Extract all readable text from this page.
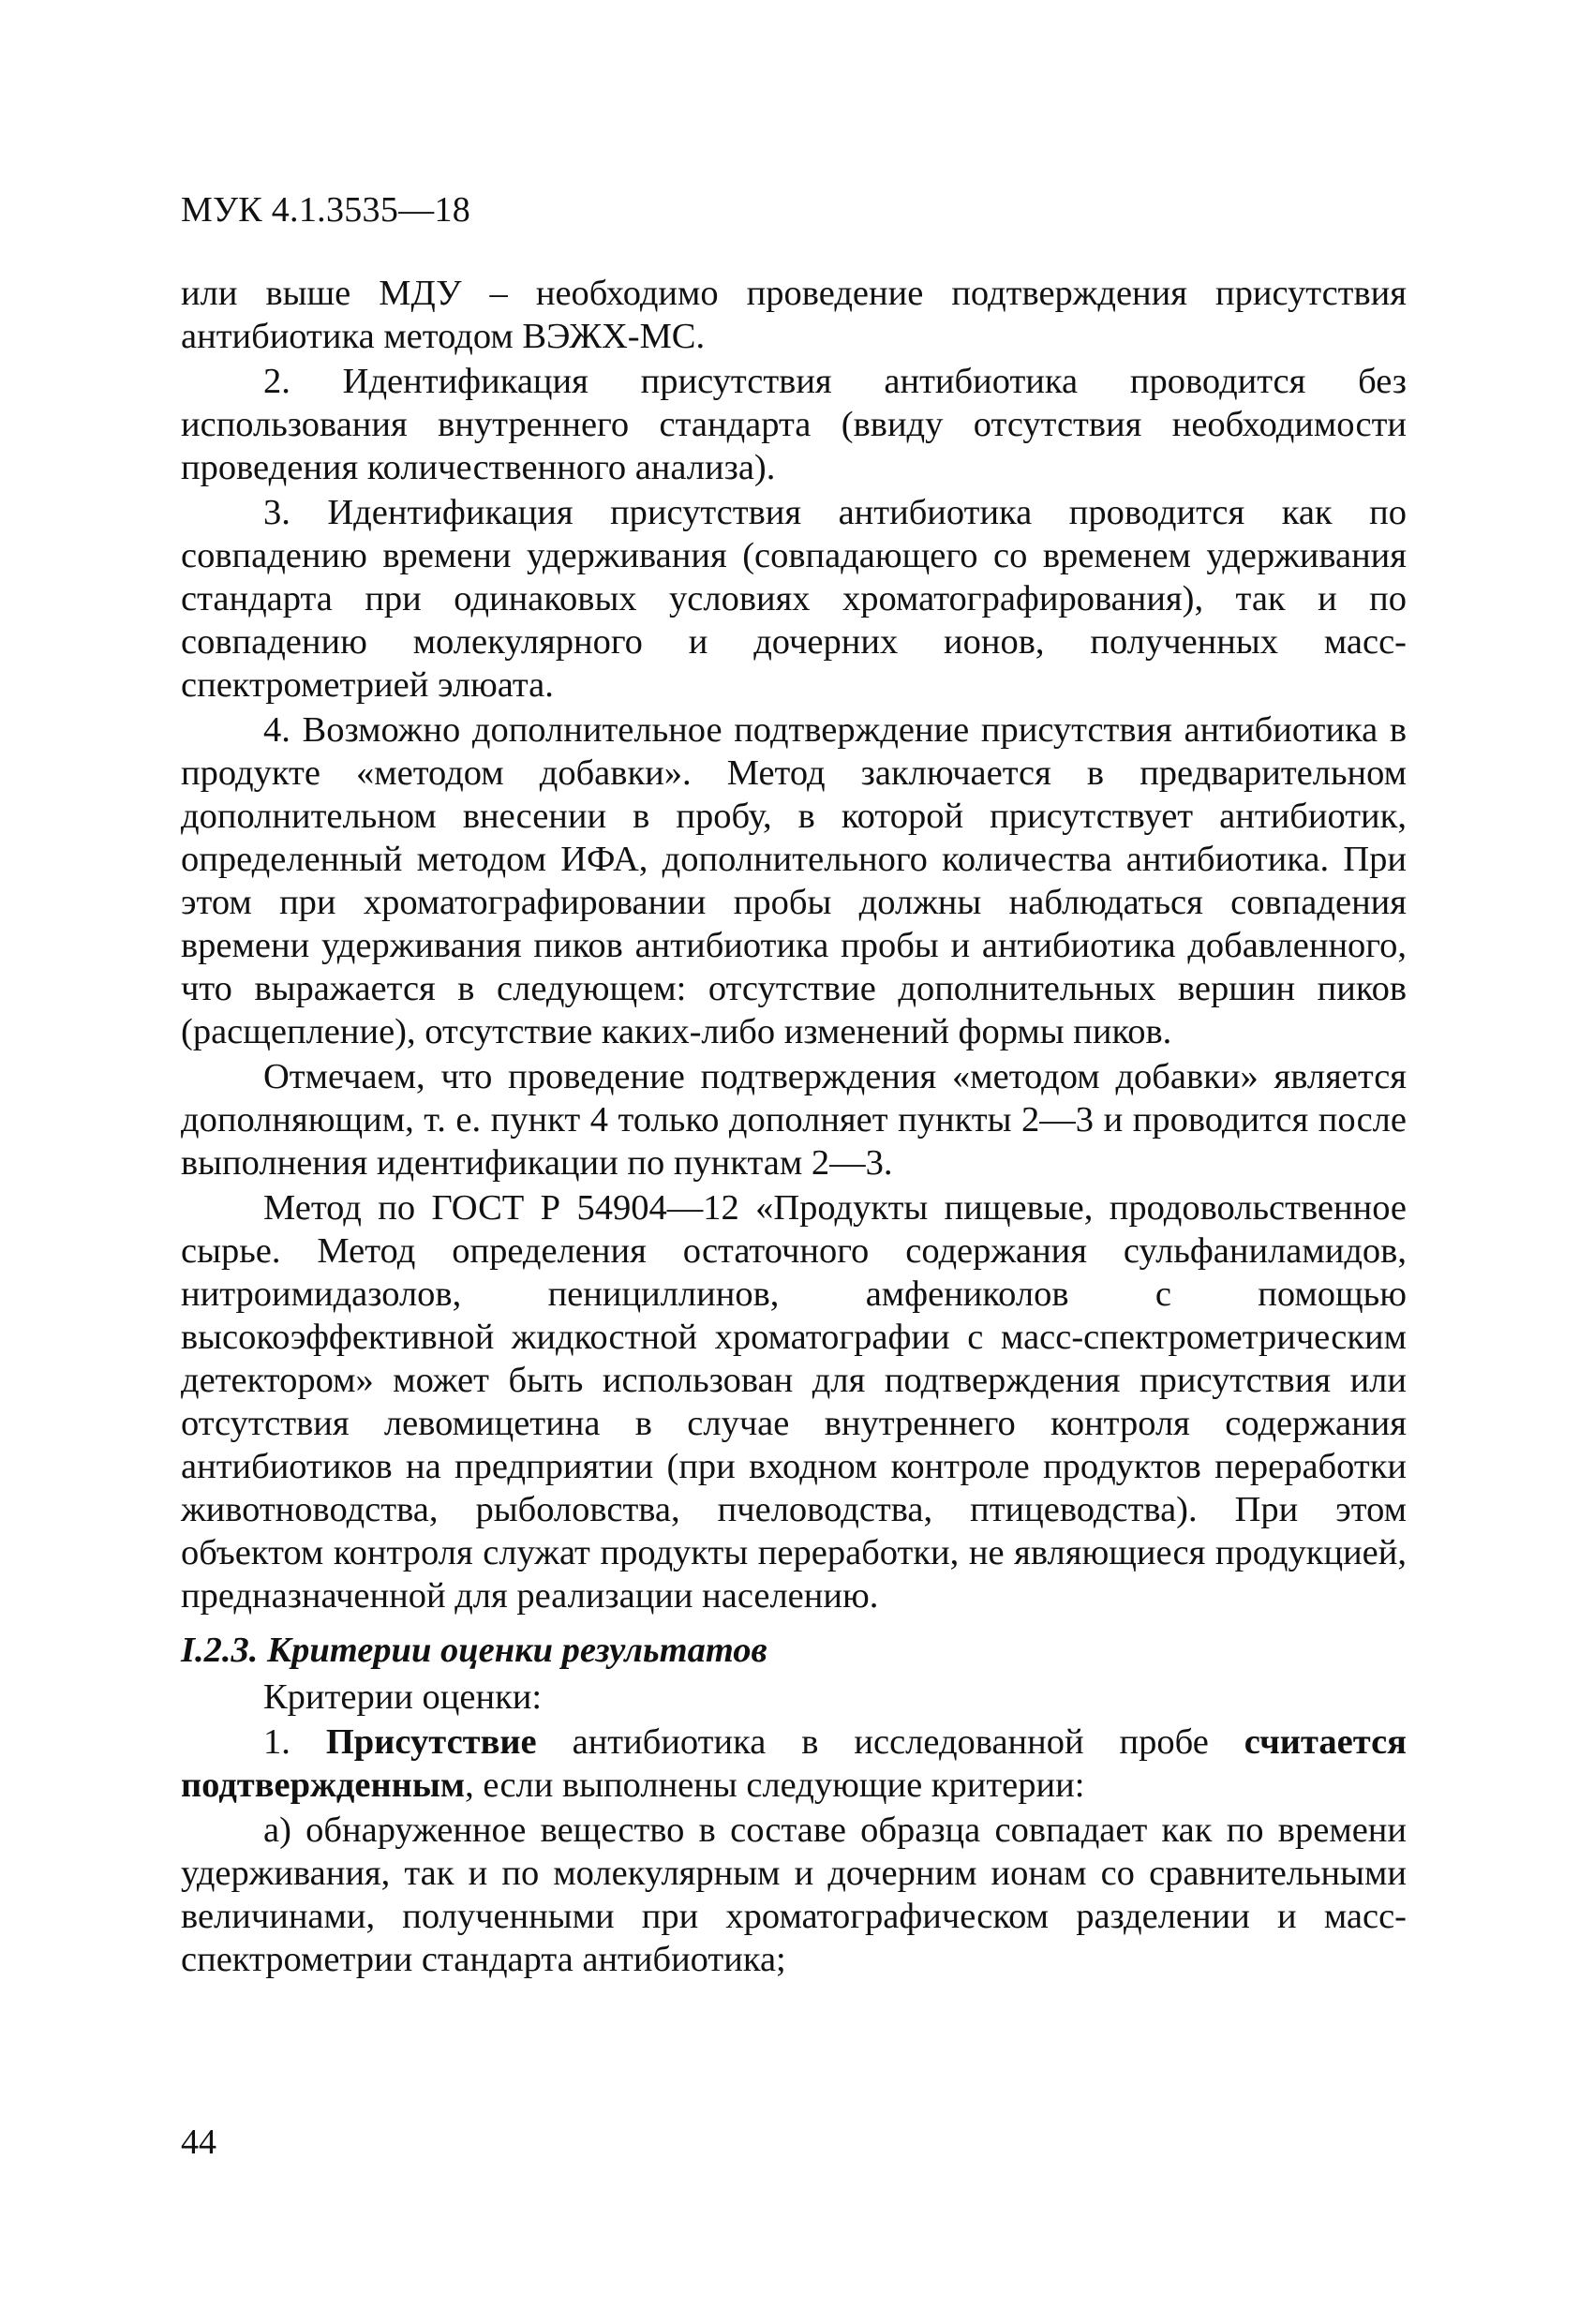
МУК 4.1.3535—18

или выше МДУ – необходимо проведение подтверждения присутствия антибиотика методом ВЭЖХ-МС.

2. Идентификация присутствия антибиотика проводится без использования внутреннего стандарта (ввиду отсутствия необходимости проведения количественного анализа).

3. Идентификация присутствия антибиотика проводится как по совпадению времени удерживания (совпадающего со временем удерживания стандарта при одинаковых условиях хроматографирования), так и по совпадению молекулярного и дочерних ионов, полученных масс-спектрометрией элюата.

4. Возможно дополнительное подтверждение присутствия антибиотика в продукте «методом добавки». Метод заключается в предварительном дополнительном внесении в пробу, в которой присутствует антибиотик, определенный методом ИФА, дополнительного количества антибиотика. При этом при хроматографировании пробы должны наблюдаться совпадения времени удерживания пиков антибиотика пробы и антибиотика добавленного, что выражается в следующем: отсутствие дополнительных вершин пиков (расщепление), отсутствие каких-либо изменений формы пиков.

Отмечаем, что проведение подтверждения «методом добавки» является дополняющим, т. е. пункт 4 только дополняет пункты 2—3 и проводится после выполнения идентификации по пунктам 2—3.

Метод по ГОСТ Р 54904—12 «Продукты пищевые, продовольственное сырье. Метод определения остаточного содержания сульфаниламидов, нитроимидазолов, пенициллинов, амфениколов с помощью высокоэффективной жидкостной хроматографии с масс-спектрометрическим детектором» может быть использован для подтверждения присутствия или отсутствия левомицетина в случае внутреннего контроля содержания антибиотиков на предприятии (при входном контроле продуктов переработки животноводства, рыболовства, пчеловодства, птицеводства). При этом объектом контроля служат продукты переработки, не являющиеся продукцией, предназначенной для реализации населению.

I.2.3. Критерии оценки результатов

Критерии оценки:

1. Присутствие антибиотика в исследованной пробе считается подтвержденным, если выполнены следующие критерии:

а) обнаруженное вещество в составе образца совпадает как по времени удерживания, так и по молекулярным и дочерним ионам со сравнительными величинами, полученными при хроматографическом разделении и масс-спектрометрии стандарта антибиотика;

44
